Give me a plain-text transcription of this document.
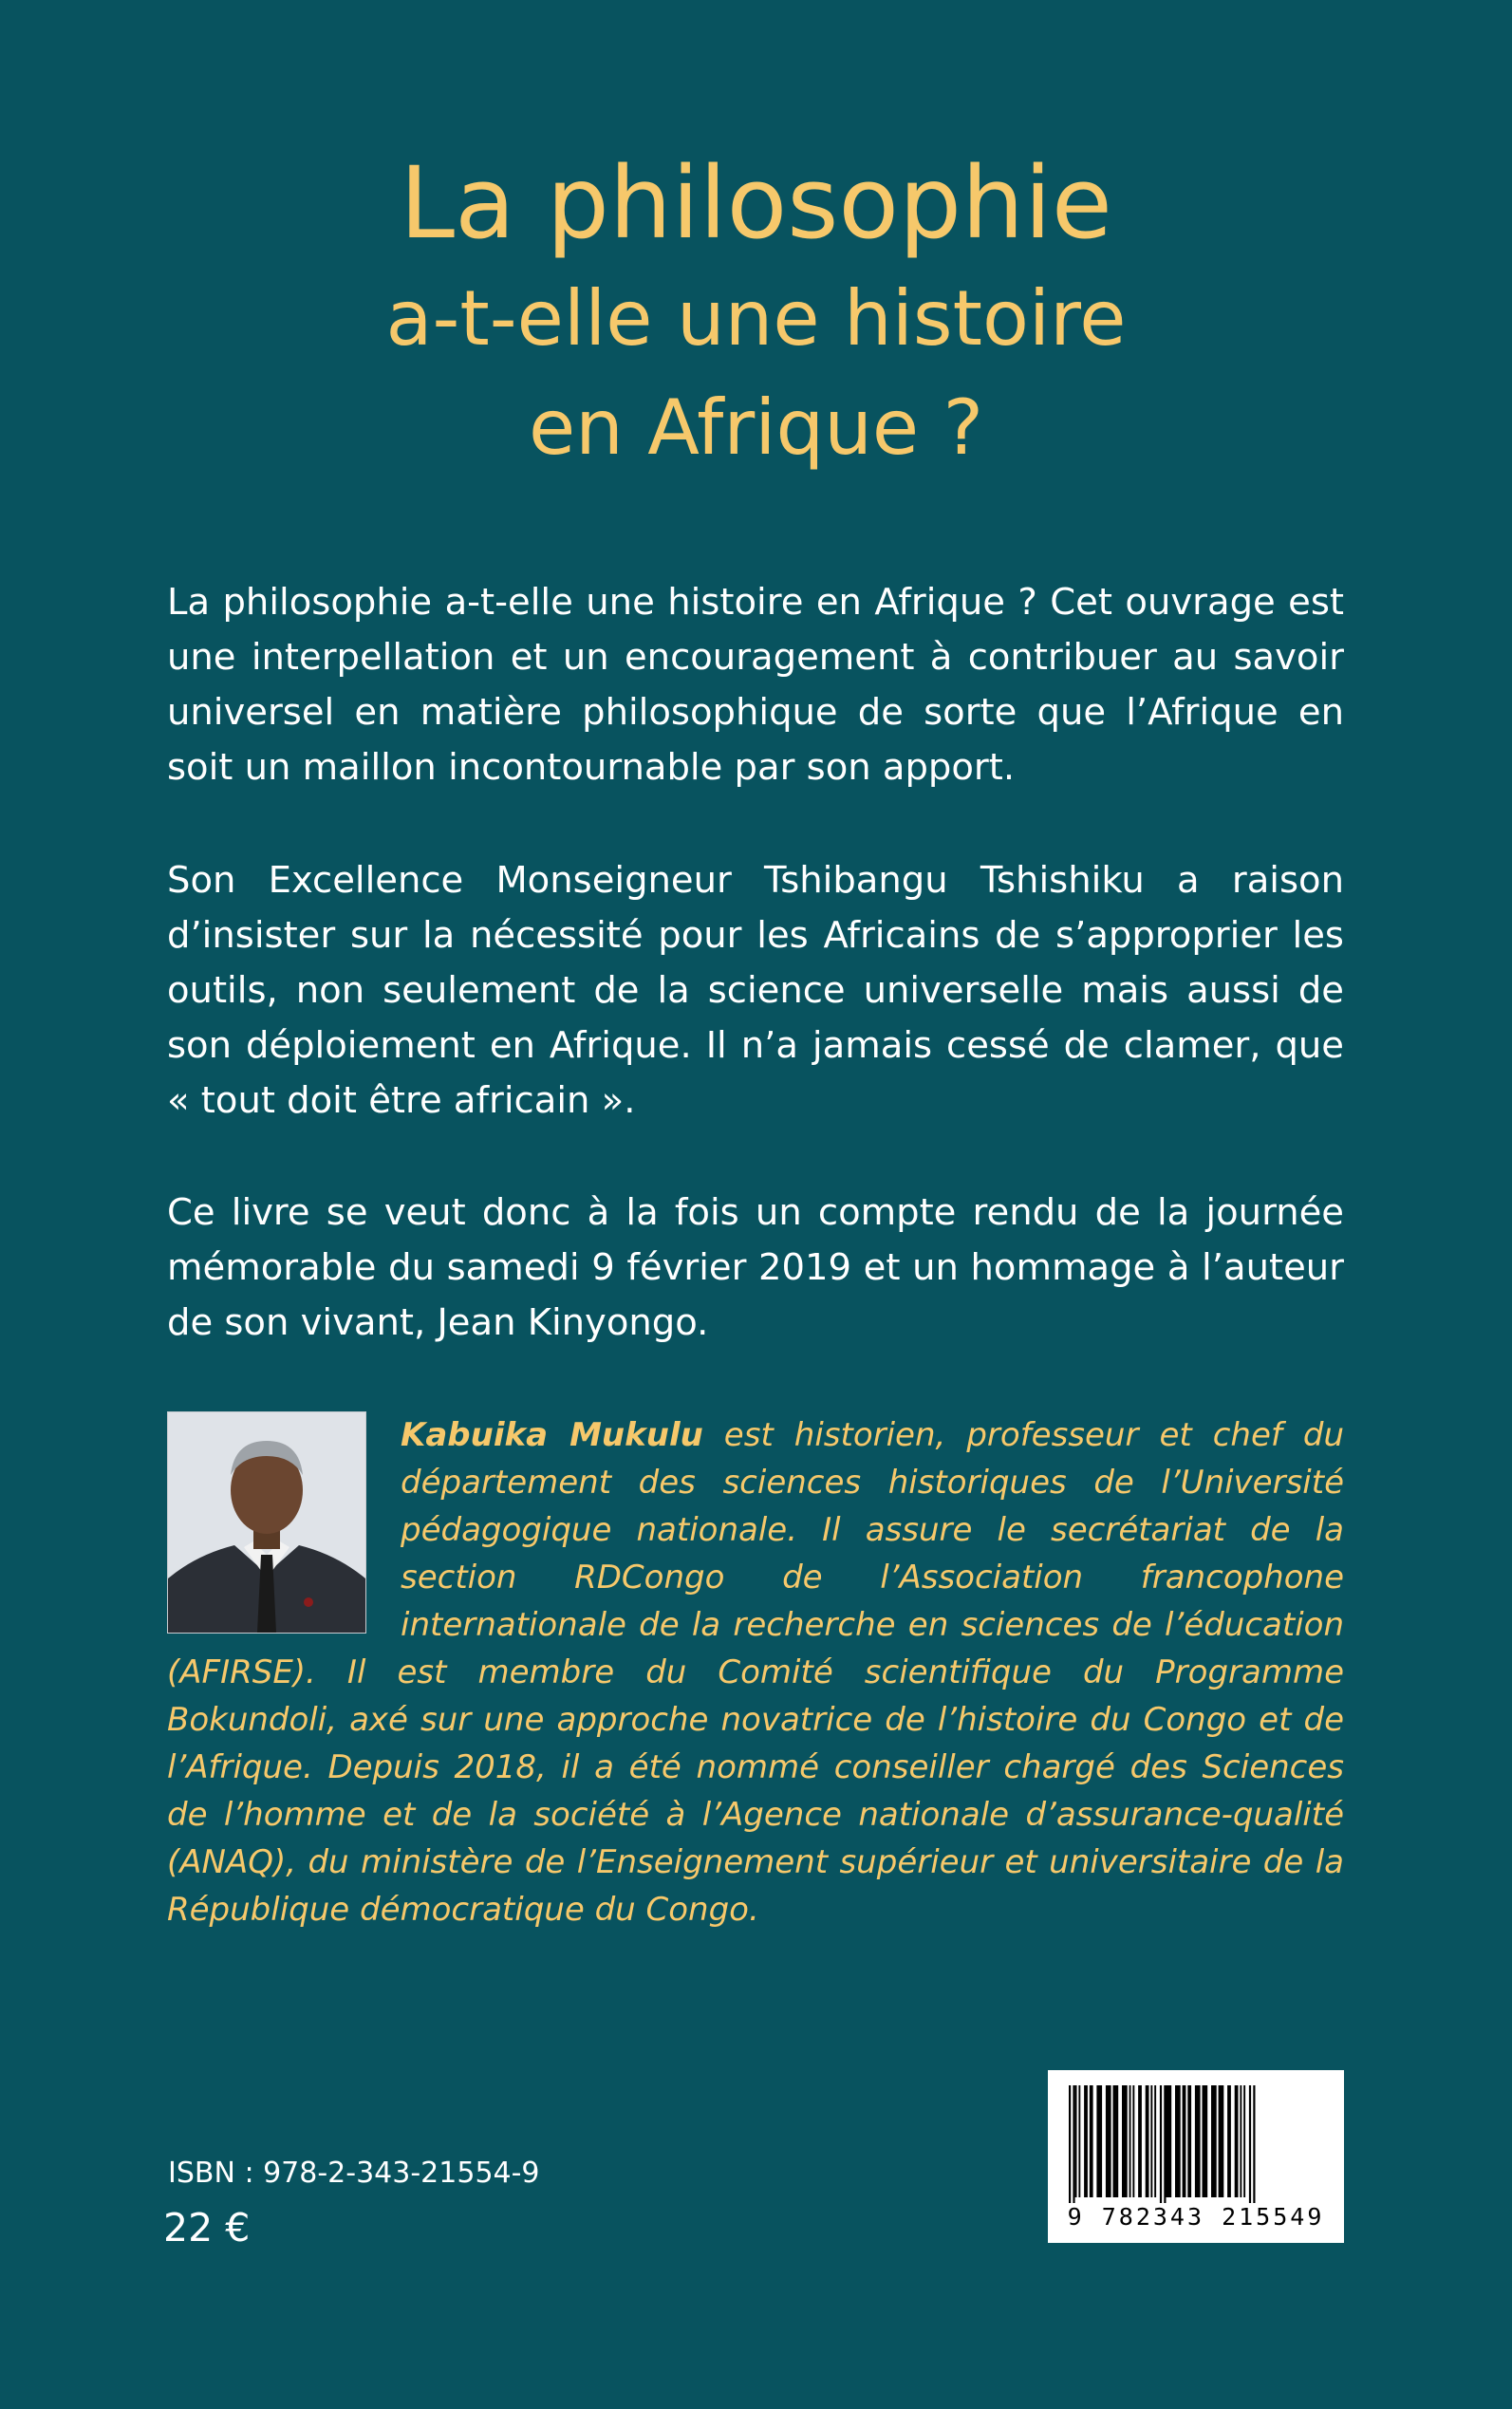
La philosophie
a-t-elle une histoire
en Afrique ?
La philosophie a-t-elle une histoire en Afrique ? Cet ouvrage est une interpellation et un encouragement à contribuer au savoir universel en matière philosophique de sorte que l’Afrique en soit un maillon incontournable par son apport.
Son Excellence Monseigneur Tshibangu Tshishiku a raison d’insister sur la nécessité pour les Africains de s’approprier les outils, non seulement de la science universelle mais aussi de son déploiement en Afrique. Il n’a jamais cessé de clamer, que « tout doit être africain ».
Ce livre se veut donc à la fois un compte rendu de la journée mémorable du samedi 9 février 2019 et un hommage à l’auteur de son vivant, Jean Kinyongo.
Kabuika Mukulu est historien, professeur et chef du département des sciences historiques de l’Université pédagogique nationale. Il assure le secrétariat de la section RDCongo de l’Association francophone internationale de la recherche en sciences de l’éducation (AFIRSE). Il est membre du Comité scientifique du Programme Bokundoli, axé sur une approche novatrice de l’histoire du Congo et de l’Afrique. Depuis 2018, il a été nommé conseiller chargé des Sciences de l’homme et de la société à l’Agence nationale d’assurance-qualité (ANAQ), du ministère de l’Enseignement supérieur et universitaire de la République démocratique du Congo.
ISBN : 978-2-343-21554-9
22 €	9 782343 215549
